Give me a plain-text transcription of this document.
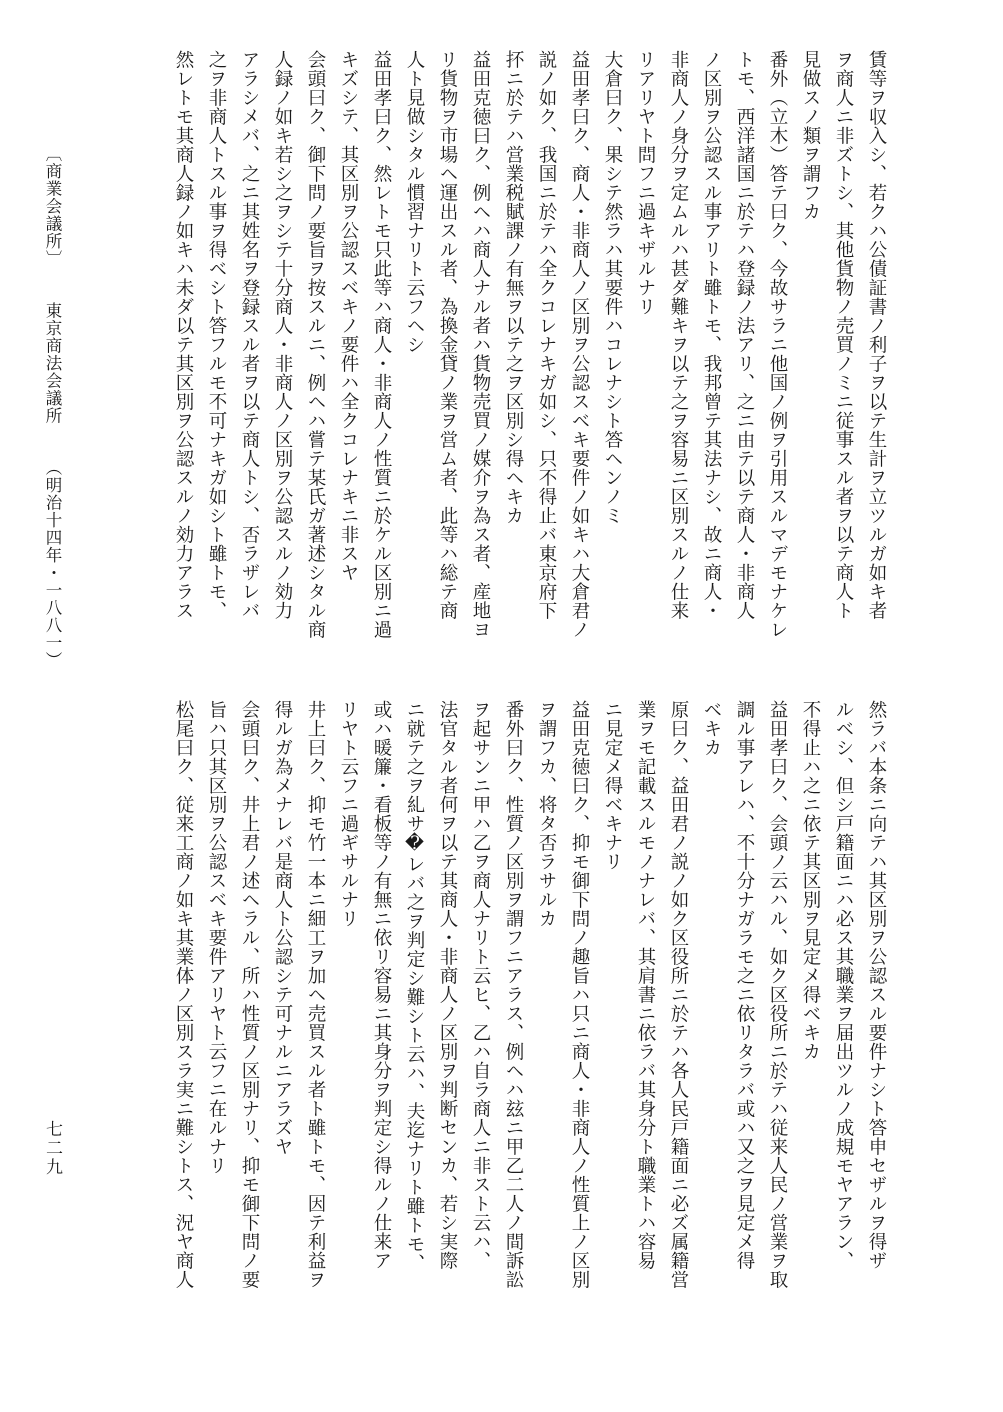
賃等ヲ収入シ、若クハ公債証書ノ利子ヲ以テ生計ヲ立ツルガ如キ者
ヲ商人ニ非ズトシ、其他貨物ノ売買ノミニ従事スル者ヲ以テ商人ト
見做スノ類ヲ謂フカ
番外（立木）答テ曰ク、今故サラニ他国ノ例ヲ引用スルマデモナケレ
トモ、西洋諸国ニ於テハ登録ノ法アリ、之ニ由テ以テ商人・非商人
ノ区別ヲ公認スル事アリト雖トモ、我邦曾テ其法ナシ、故ニ商人・
非商人ノ身分ヲ定ムルハ甚ダ難キヲ以テ之ヲ容易ニ区別スルノ仕来
リアリヤト問フニ過キザルナリ
大倉曰ク、果シテ然ラハ其要件ハコレナシト答ヘンノミ
益田孝曰ク、商人・非商人ノ区別ヲ公認スベキ要件ノ如キハ大倉君ノ
説ノ如ク、我国ニ於テハ全クコレナキガ如シ、只不得止バ東京府下
抔ニ於テハ営業税賦課ノ有無ヲ以テ之ヲ区別シ得ヘキカ
益田克徳曰ク、例ヘハ商人ナル者ハ貨物売買ノ媒介ヲ為ス者、産地ヨ
リ貨物ヲ市場ヘ運出スル者、為換金貸ノ業ヲ営ム者、此等ハ総テ商
人ト見做シタル慣習ナリト云フヘシ
益田孝曰ク、然レトモ只此等ハ商人・非商人ノ性質ニ於ケル区別ニ過
キズシテ、其区別ヲ公認スベキノ要件ハ全クコレナキニ非スヤ
会頭曰ク、御下問ノ要旨ヲ按スルニ、例ヘハ嘗テ某氏ガ著述シタル商
人録ノ如キ若シ之ヲシテ十分商人・非商人ノ区別ヲ公認スルノ効力
アラシメバ、之ニ其姓名ヲ登録スル者ヲ以テ商人トシ、否ラザレバ
之ヲ非商人トスル事ヲ得ベシト答フルモ不可ナキガ如シト雖トモ、
然レトモ其商人録ノ如キハ未ダ以テ其区別ヲ公認スルノ効力アラス
然ラバ本条ニ向テハ其区別ヲ公認スル要件ナシト答申セザルヲ得ザ
ルベシ、但シ戸籍面ニハ必ス其職業ヲ届出ツルノ成規モヤアラン、
不得止ハ之ニ依テ其区別ヲ見定メ得ベキカ
益田孝曰ク、会頭ノ云ハル、如ク区役所ニ於テハ従来人民ノ営業ヲ取
調ル事アレハ、不十分ナガラモ之ニ依リタラバ或ハ又之ヲ見定メ得
ベキカ
原曰ク、益田君ノ説ノ如ク区役所ニ於テハ各人民戸籍面ニ必ズ属籍営
業ヲモ記載スルモノナレバ、其肩書ニ依ラバ其身分ト職業トハ容易
ニ見定メ得ベキナリ
益田克徳曰ク、抑モ御下問ノ趣旨ハ只ニ商人・非商人ノ性質上ノ区別
ヲ謂フカ、将タ否ラサルカ
番外曰ク、性質ノ区別ヲ謂フニアラス、例ヘハ玆ニ甲乙二人ノ間訴訟
ヲ起サンニ甲ハ乙ヲ商人ナリト云ヒ、乙ハ自ラ商人ニ非スト云ハ、
法官タル者何ヲ以テ其商人・非商人ノ区別ヲ判断センカ、若シ実際
ニ就テ之ヲ糺サ�レバ之ヲ判定シ難シト云ハ、夫迄ナリト雖トモ、
或ハ暖簾・看板等ノ有無ニ依リ容易ニ其身分ヲ判定シ得ルノ仕来ア
リヤト云フニ過ギサルナリ
井上曰ク、抑モ竹一本ニ細工ヲ加ヘ売買スル者ト雖トモ、因テ利益ヲ
得ルガ為メナレバ是商人ト公認シテ可ナルニアラズヤ
会頭曰ク、井上君ノ述ヘラル、所ハ性質ノ区別ナリ、抑モ御下問ノ要
旨ハ只其区別ヲ公認スベキ要件アリヤト云フニ在ルナリ
松尾曰ク、従来工商ノ如キ其業体ノ区別スラ実ニ難シトス、況ヤ商人
〔商業会議所〕  東京商法会議所  （明治十四年・一八八一）
七二九
